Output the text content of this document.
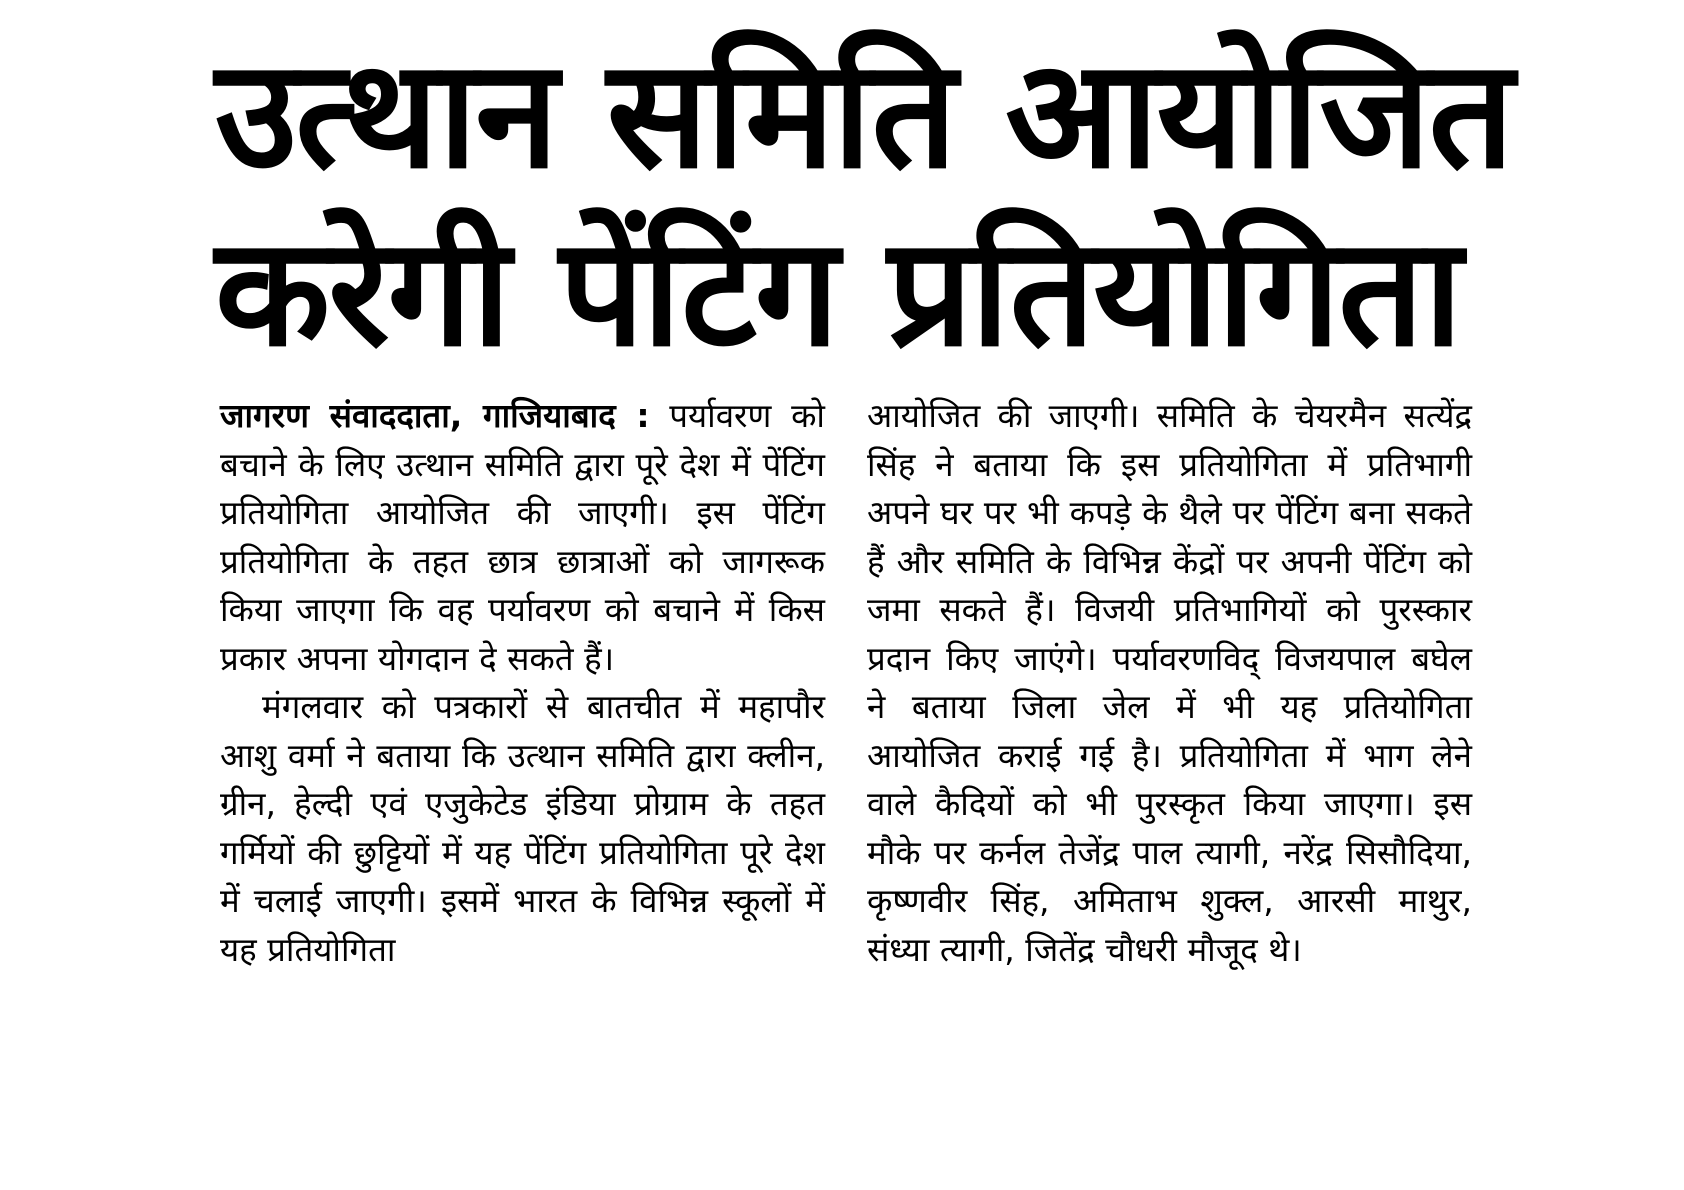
उत्थान समिति आयोजित
करेगी पेंटिंग प्रतियोगिता

जागरण संवाददाता, गाजियाबाद : पर्यावरण को बचाने के लिए उत्थान समिति द्वारा पूरे देश में पेंटिंग प्रतियोगिता आयोजित की जाएगी। इस पेंटिंग प्रतियोगिता के तहत छात्र छात्राओं को जागरूक किया जाएगा कि वह पर्यावरण को बचाने में किस प्रकार अपना योगदान दे सकते हैं।

मंगलवार को पत्रकारों से बातचीत में महापौर आशु वर्मा ने बताया कि उत्थान समिति द्वारा क्लीन, ग्रीन, हेल्दी एवं एजुकेटेड इंडिया प्रोग्राम के तहत गर्मियों की छुट्टियों में यह पेंटिंग प्रतियोगिता पूरे देश में चलाई जाएगी। इसमें भारत के विभिन्न स्कूलों में यह प्रतियोगिता

आयोजित की जाएगी। समिति के चेयरमैन सत्येंद्र सिंह ने बताया कि इस प्रतियोगिता में प्रतिभागी अपने घर पर भी कपड़े के थैले पर पेंटिंग बना सकते हैं और समिति के विभिन्न केंद्रों पर अपनी पेंटिंग को जमा सकते हैं। विजयी प्रतिभागियों को पुरस्कार प्रदान किए जाएंगे। पर्यावरणविद् विजयपाल बघेल ने बताया जिला जेल में भी यह प्रतियोगिता आयोजित कराई गई है। प्रतियोगिता में भाग लेने वाले कैदियों को भी पुरस्कृत किया जाएगा। इस मौके पर कर्नल तेजेंद्र पाल त्यागी, नरेंद्र सिसौदिया, कृष्णवीर सिंह, अमिताभ शुक्ल, आरसी माथुर, संध्या त्यागी, जितेंद्र चौधरी मौजूद थे।
